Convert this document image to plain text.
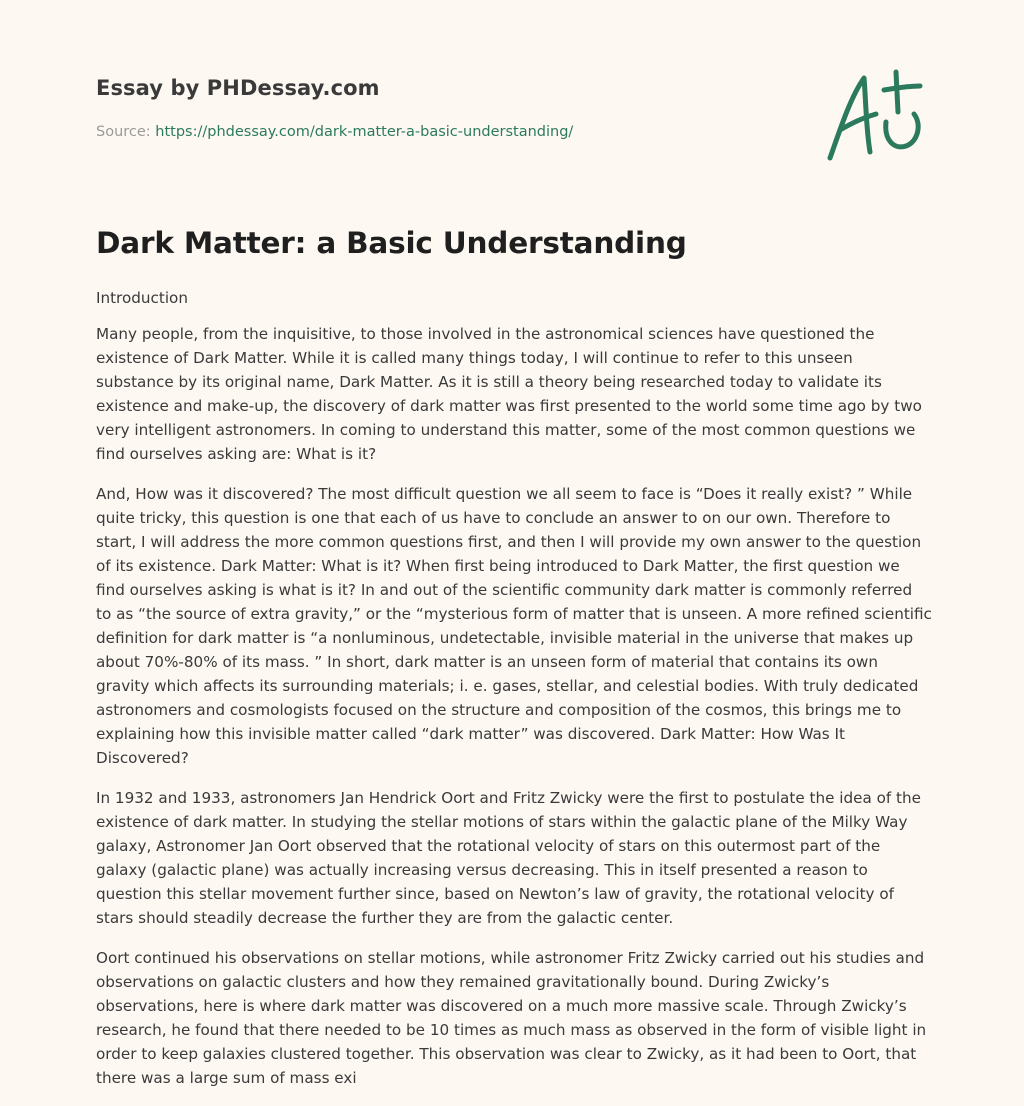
Essay by PHDessay.com
Source: https://phdessay.com/dark-matter-a-basic-understanding/
Dark Matter: a Basic Understanding

Introduction

Many people, from the inquisitive, to those involved in the astronomical sciences have questioned the existence of Dark Matter. While it is called many things today, I will continue to refer to this unseen substance by its original name, Dark Matter. As it is still a theory being researched today to validate its existence and make-up, the discovery of dark matter was first presented to the world some time ago by two very intelligent astronomers. In coming to understand this matter, some of the most common questions we find ourselves asking are: What is it?

And, How was it discovered? The most difficult question we all seem to face is “Does it really exist? ” While quite tricky, this question is one that each of us have to conclude an answer to on our own. Therefore to start, I will address the more common questions first, and then I will provide my own answer to the question of its existence. Dark Matter: What is it? When first being introduced to Dark Matter, the first question we find ourselves asking is what is it? In and out of the scientific community dark matter is commonly referred to as “the source of extra gravity,” or the “mysterious form of matter that is unseen. A more refined scientific definition for dark matter is “a nonluminous, undetectable, invisible material in the universe that makes up about 70%-80% of its mass. ” In short, dark matter is an unseen form of material that contains its own gravity which affects its surrounding materials; i. e. gases, stellar, and celestial bodies. With truly dedicated astronomers and cosmologists focused on the structure and composition of the cosmos, this brings me to explaining how this invisible matter called “dark matter” was discovered. Dark Matter: How Was It Discovered?

In 1932 and 1933, astronomers Jan Hendrick Oort and Fritz Zwicky were the first to postulate the idea of the existence of dark matter. In studying the stellar motions of stars within the galactic plane of the Milky Way galaxy, Astronomer Jan Oort observed that the rotational velocity of stars on this outermost part of the galaxy (galactic plane) was actually increasing versus decreasing. This in itself presented a reason to question this stellar movement further since, based on Newton’s law of gravity, the rotational velocity of stars should steadily decrease the further they are from the galactic center.

Oort continued his observations on stellar motions, while astronomer Fritz Zwicky carried out his studies and observations on galactic clusters and how they remained gravitationally bound. During Zwicky’s observations, here is where dark matter was discovered on a much more massive scale. Through Zwicky’s research, he found that there needed to be 10 times as much mass as observed in the form of visible light in order to keep galaxies clustered together. This observation was clear to Zwicky, as it had been to Oort, that there was a large sum of mass exi
